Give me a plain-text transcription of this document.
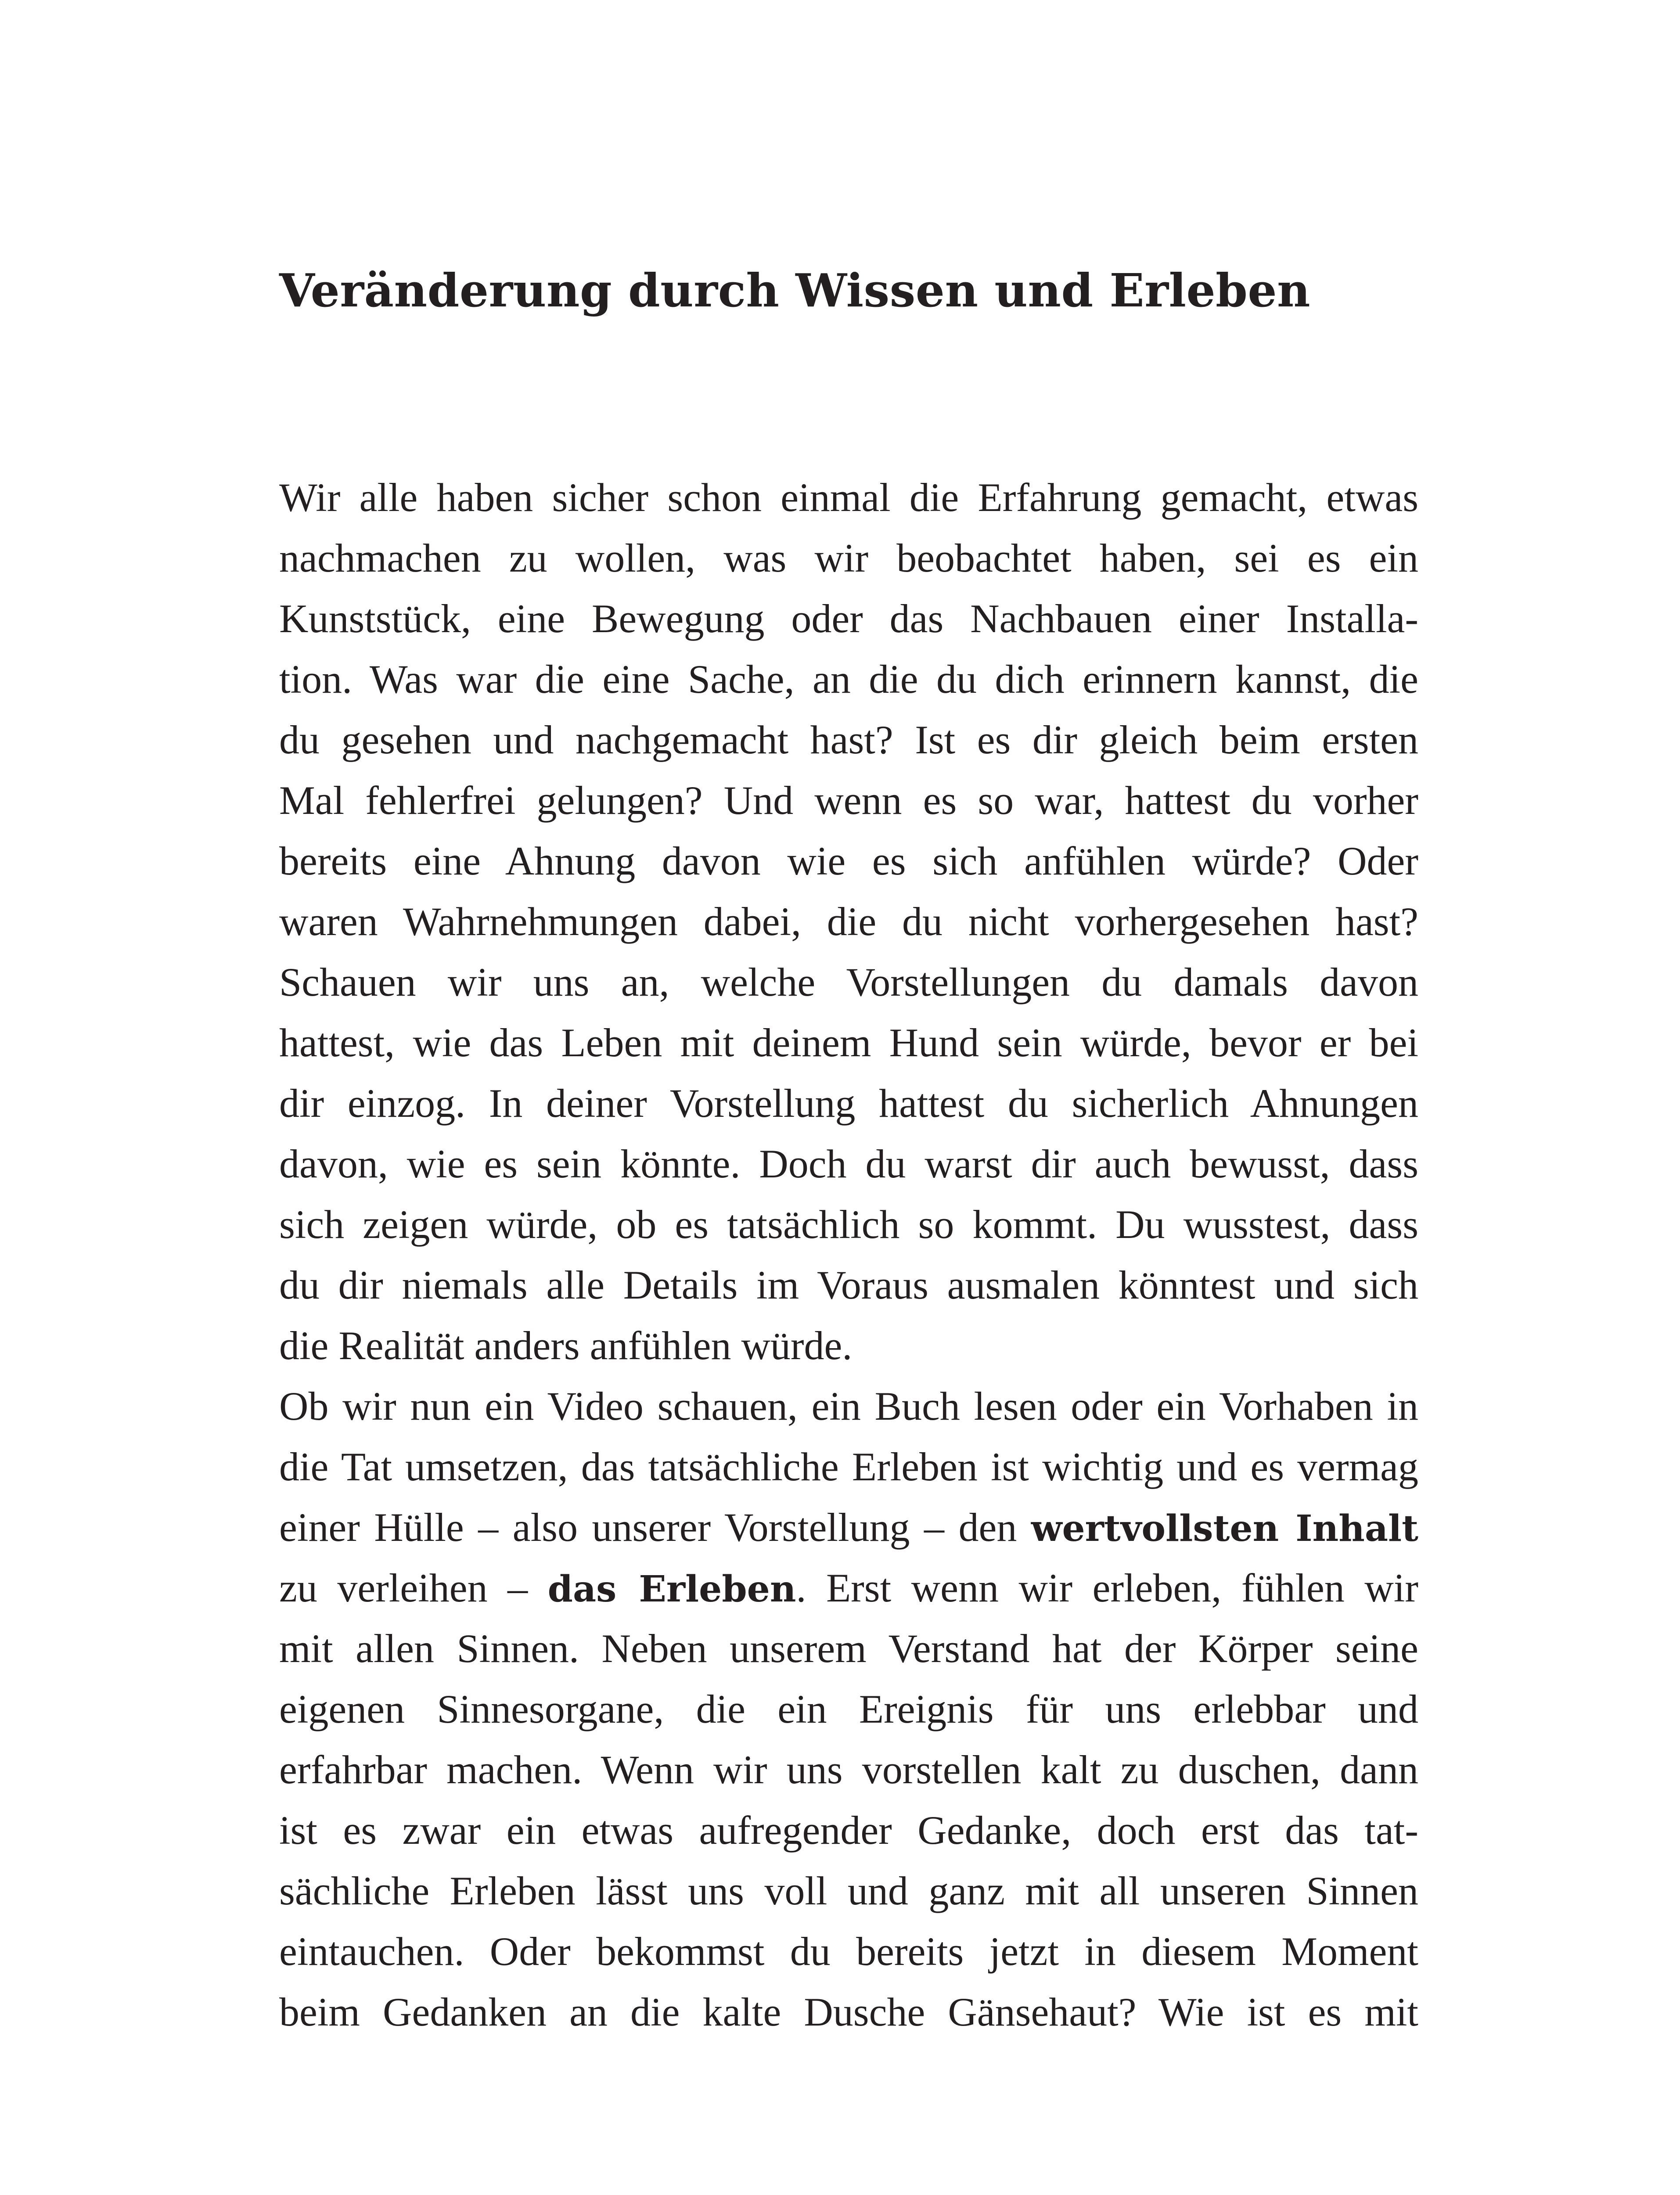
Veränderung durch Wissen und Erleben
Wir alle haben sicher schon einmal die Erfahrung gemacht, etwas
nachmachen zu wollen, was wir beobachtet haben, sei es ein
Kunststück, eine Bewegung oder das Nachbauen einer Installa-
tion. Was war die eine Sache, an die du dich erinnern kannst, die
du gesehen und nachgemacht hast? Ist es dir gleich beim ersten
Mal fehlerfrei gelungen? Und wenn es so war, hattest du vorher
bereits eine Ahnung davon wie es sich anfühlen würde? Oder
waren Wahrnehmungen dabei, die du nicht vorhergesehen hast?
Schauen wir uns an, welche Vorstellungen du damals davon
hattest, wie das Leben mit deinem Hund sein würde, bevor er bei
dir einzog. In deiner Vorstellung hattest du sicherlich Ahnungen
davon, wie es sein könnte. Doch du warst dir auch bewusst, dass
sich zeigen würde, ob es tatsächlich so kommt. Du wusstest, dass
du dir niemals alle Details im Voraus ausmalen könntest und sich
die Realität anders anfühlen würde.
Ob wir nun ein Video schauen, ein Buch lesen oder ein Vorhaben in
die Tat umsetzen, das tatsächliche Erleben ist wichtig und es vermag
einer Hülle – also unserer Vorstellung – den wertvollsten Inhalt
zu verleihen – das Erleben. Erst wenn wir erleben, fühlen wir
mit allen Sinnen. Neben unserem Verstand hat der Körper seine
eigenen Sinnesorgane, die ein Ereignis für uns erlebbar und
erfahrbar machen. Wenn wir uns vorstellen kalt zu duschen, dann
ist es zwar ein etwas aufregender Gedanke, doch erst das tat-
sächliche Erleben lässt uns voll und ganz mit all unseren Sinnen
eintauchen. Oder bekommst du bereits jetzt in diesem Moment
beim Gedanken an die kalte Dusche Gänsehaut? Wie ist es mit
